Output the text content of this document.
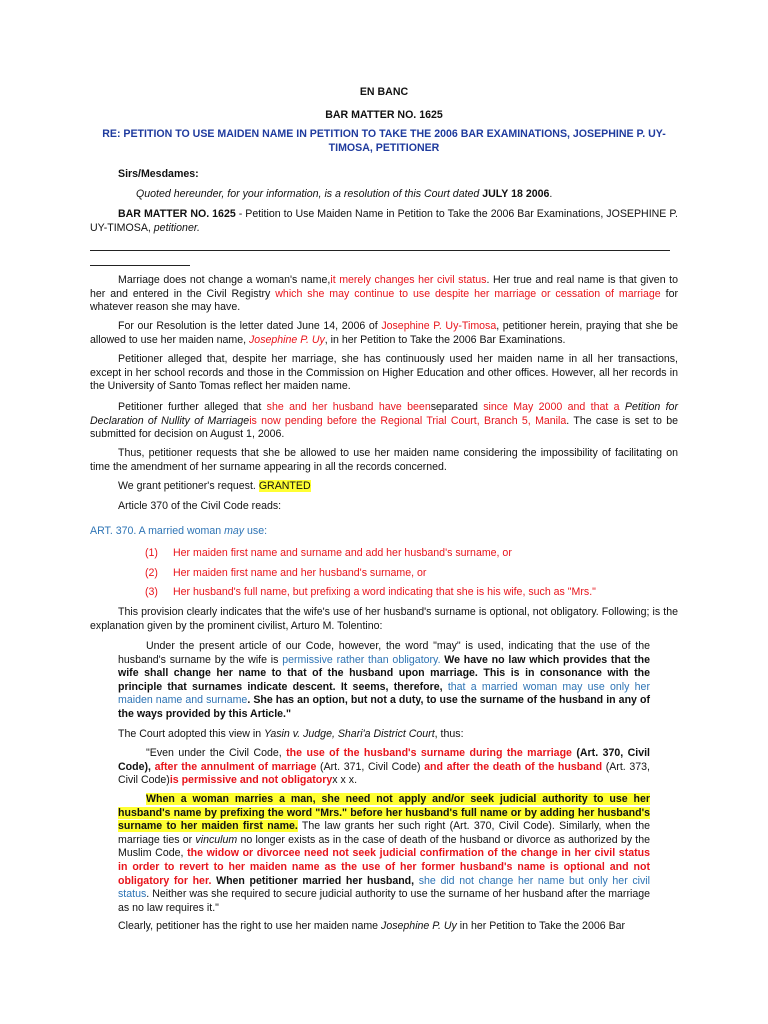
EN BANC
BAR MATTER NO. 1625
RE: PETITION TO USE MAIDEN NAME IN PETITION TO TAKE THE 2006 BAR EXAMINATIONS, JOSEPHINE P. UY-
TIMOSA, PETITIONER
Sirs/Mesdames:
Quoted hereunder, for your information, is a resolution of this Court dated JULY 18 2006.
BAR MATTER NO. 1625 - Petition to Use Maiden Name in Petition to Take the 2006 Bar Examinations, JOSEPHINE P. UY-TIMOSA, petitioner.
Marriage does not change a woman's name,it merely changes her civil status. Her true and real name is that given to her and entered in the Civil Registry which she may continue to use despite her marriage or cessation of marriage for whatever reason she may have.
For our Resolution is the letter dated June 14, 2006 of Josephine P. Uy-Timosa, petitioner herein, praying that she be allowed to use her maiden name, Josephine P. Uy, in her Petition to Take the 2006 Bar Examinations.
Petitioner alleged that, despite her marriage, she has continuously used her maiden name in all her transactions, except in her school records and those in the Commission on Higher Education and other offices. However, all her records in the University of Santo Tomas reflect her maiden name.
Petitioner further alleged that she and her husband have beenseparated since May 2000 and that a Petition for Declaration of Nullity of Marriageis now pending before the Regional Trial Court, Branch 5, Manila. The case is set to be submitted for decision on August 1, 2006.
Thus, petitioner requests that she be allowed to use her maiden name considering the impossibility of facilitating on time the amendment of her surname appearing in all the records concerned.
We grant petitioner's request. GRANTED
Article 370 of the Civil Code reads:
ART. 370. A married woman may use:
(1) Her maiden first name and surname and add her husband's surname, or
(2) Her maiden first name and her husband's surname, or
(3) Her husband's full name, but prefixing a word indicating that she is his wife, such as "Mrs."
This provision clearly indicates that the wife's use of her husband's surname is optional, not obligatory. Following; is the explanation given by the prominent civilist, Arturo M. Tolentino:
Under the present article of our Code, however, the word "may" is used, indicating that the use of the husband's surname by the wife is permissive rather than obligatory. We have no law which provides that the wife shall change her name to that of the husband upon marriage. This is in consonance with the principle that surnames indicate descent. It seems, therefore, that a married woman may use only her maiden name and surname. She has an option, but not a duty, to use the surname of the husband in any of the ways provided by this Article."
The Court adopted this view in Yasin v. Judge, Shari'a District Court, thus:
"Even under the Civil Code, the use of the husband's surname during the marriage (Art. 370, Civil Code), after the annulment of marriage (Art. 371, Civil Code) and after the death of the husband (Art. 373, Civil Code)is permissive and not obligatoryx x x.
When a woman marries a man, she need not apply and/or seek judicial authority to use her husband's name by prefixing the word "Mrs." before her husband's full name or by adding her husband's surname to her maiden first name. The law grants her such right (Art. 370, Civil Code). Similarly, when the marriage ties or vinculum no longer exists as in the case of death of the husband or divorce as authorized by the Muslim Code, the widow or divorcee need not seek judicial confirmation of the change in her civil status in order to revert to her maiden name as the use of her former husband's name is optional and not obligatory for her. When petitioner married her husband, she did not change her name but only her civil status. Neither was she required to secure judicial authority to use the surname of her husband after the marriage as no law requires it."
Clearly, petitioner has the right to use her maiden name Josephine P. Uy in her Petition to Take the 2006 Bar
